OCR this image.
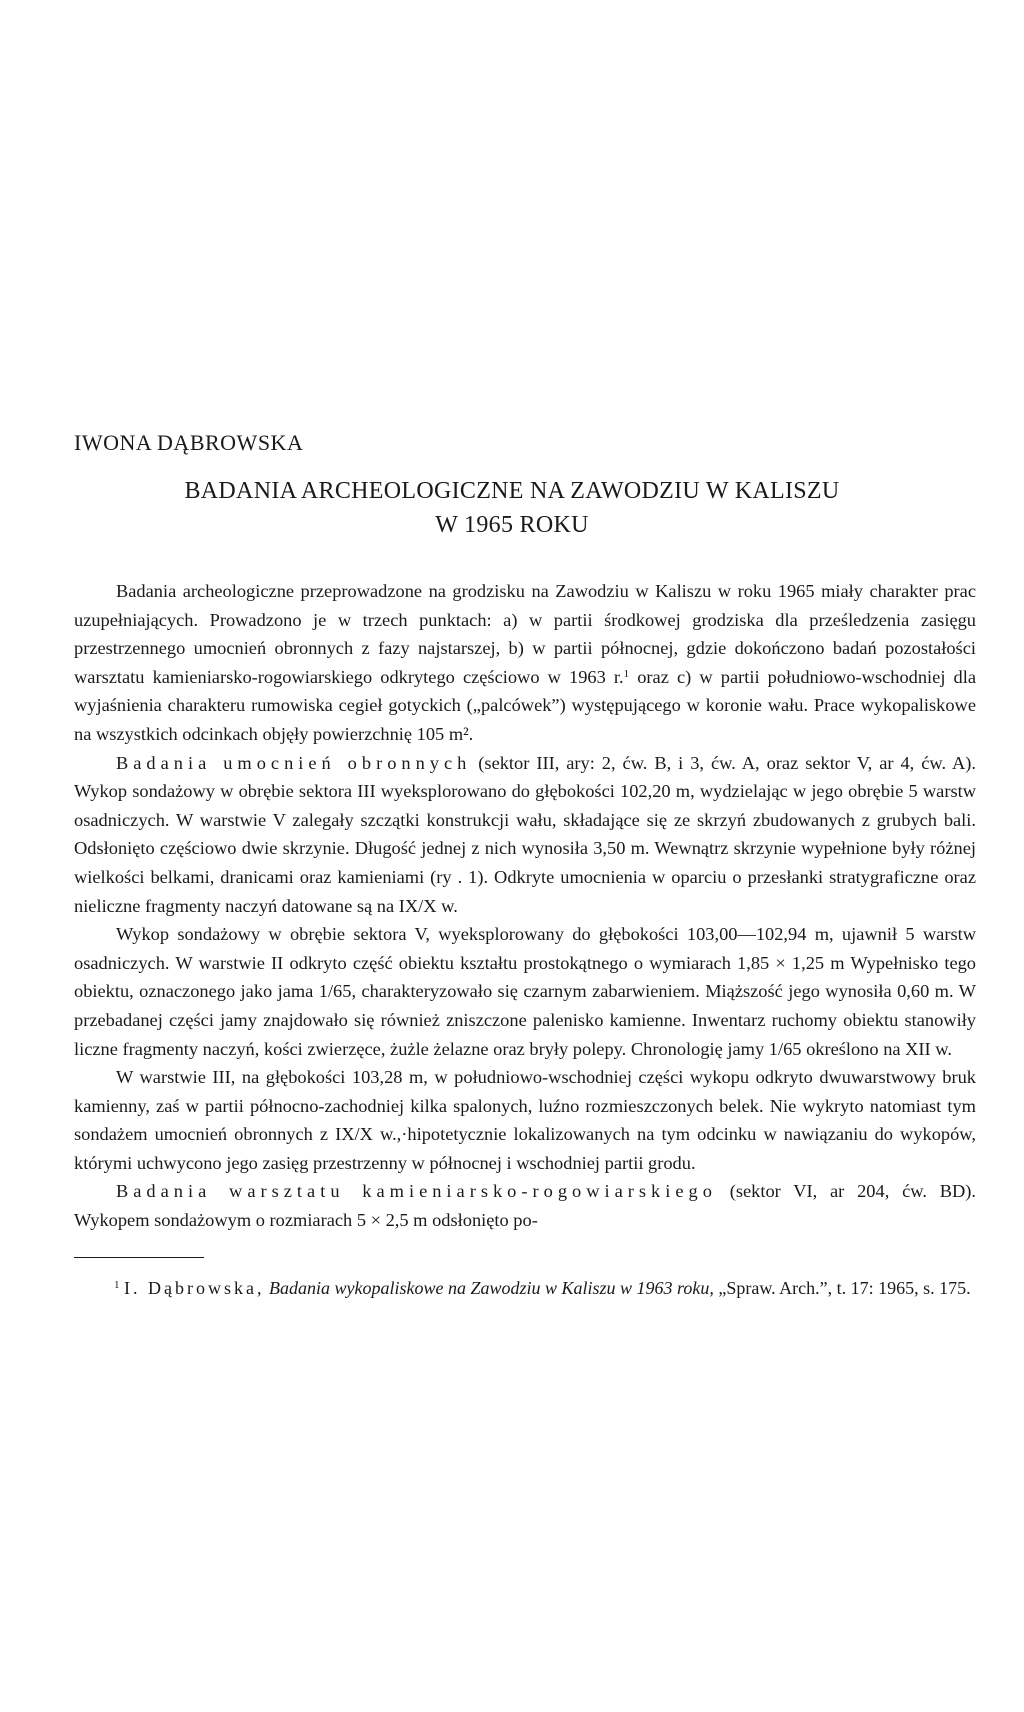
IWONA DĄBROWSKA
BADANIA ARCHEOLOGICZNE NA ZAWODZIU W KALISZU
W 1965 ROKU

Badania archeologiczne przeprowadzone na grodzisku na Zawodziu w Kaliszu w roku 1965 miały charakter prac uzupełniających. Prowadzono je w trzech punktach: a) w partii środkowej grodziska dla prześledzenia zasięgu przestrzennego umocnień obronnych z fazy najstarszej, b) w partii północnej, gdzie dokończono badań pozostałości warsztatu kamieniarsko-rogowiarskiego odkrytego częściowo w 1963 r.$^1$ oraz c) w partii południowo-wschodniej dla wyjaśnienia charakteru rumowiska cegieł gotyckich („palcówek”) występującego w koronie wału. Prace wykopaliskowe na wszystkich odcinkach objęły powierzchnię 105 m².

Badania umocnień obronnych (sektor III, ary: 2, ćw. B, i 3, ćw. A, oraz sektor V, ar 4, ćw. A). Wykop sondażowy w obrębie sektora III wyeksplorowano do głębokości 102,20 m, wydzielając w jego obrębie 5 warstw osadniczych. W warstwie V zalegały szczątki konstrukcji wału, składające się ze skrzyń zbudowanych z grubych bali. Odsłonięto częściowo dwie skrzynie. Długość jednej z nich wynosiła 3,50 m. Wewnątrz skrzynie wypełnione były różnej wielkości belkami, dranicami oraz kamieniami (ry . 1). Odkryte umocnienia w oparciu o przesłanki stratygraficzne oraz nieliczne fragmenty naczyń datowane są na IX/X w.

Wykop sondażowy w obrębie sektora V, wyeksplorowany do głębokości 103,00—102,94 m, ujawnił 5 warstw osadniczych. W warstwie II odkryto część obiektu kształtu prostokątnego o wymiarach 1,85 × 1,25 m Wypełnisko tego obiektu, oznaczonego jako jama 1/65, charakteryzowało się czarnym zabarwieniem. Miąższość jego wynosiła 0,60 m. W przebadanej części jamy znajdowało się również zniszczone palenisko kamienne. Inwentarz ruchomy obiektu stanowiły liczne fragmenty naczyń, kości zwierzęce, żużle żelazne oraz bryły polepy. Chronologię jamy 1/65 określono na XII w.

W warstwie III, na głębokości 103,28 m, w południowo-wschodniej części wykopu odkryto dwuwarstwowy bruk kamienny, zaś w partii północno-zachodniej kilka spalonych, luźno rozmieszczonych belek. Nie wykryto natomiast tym sondażem umocnień obronnych z IX/X w.,·hipotetycznie lokalizowanych na tym odcinku w nawiązaniu do wykopów, którymi uchwycono jego zasięg przestrzenny w północnej i wschodniej partii grodu.

Badania warsztatu kamieniarsko-rogowiarskiego (sektor VI, ar 204, ćw. BD). Wykopem sondażowym o rozmiarach 5 × 2,5 m odsłonięto po-

$^1$ I. Dąbrowska, Badania wykopaliskowe na Zawodziu w Kaliszu w 1963 roku, „Spraw. Arch.”, t. 17: 1965, s. 175.
